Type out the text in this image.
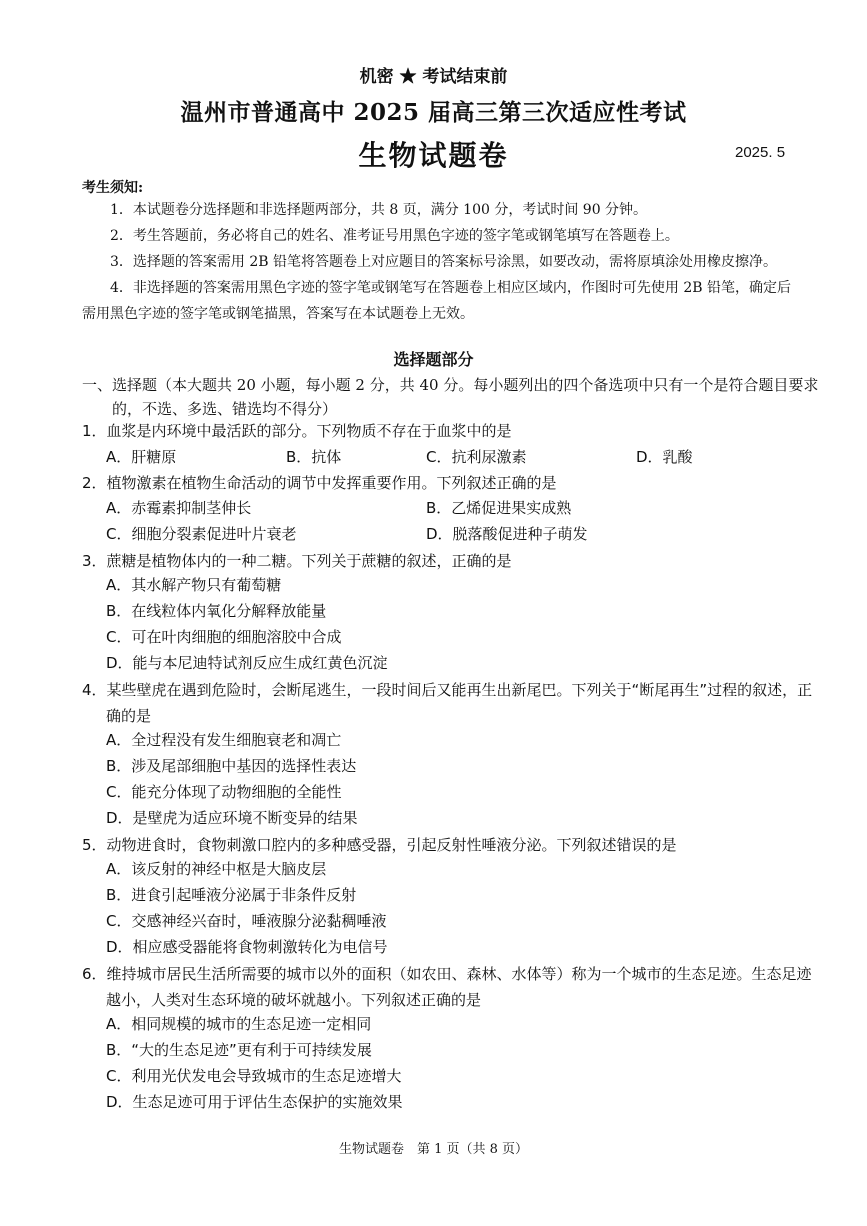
机密 ★ 考试结束前
温州市普通高中 2025 届高三第三次适应性考试
生物试题卷	2025. 5
考生须知:

1．本试题卷分选择题和非选择题两部分，共 8 页，满分 100 分，考试时间 90 分钟。

2．考生答题前，务必将自己的姓名、准考证号用黑色字迹的签字笔或钢笔填写在答题卷上。

3．选择题的答案需用 2B 铅笔将答题卷上对应题目的答案标号涂黑，如要改动，需将原填涂处用橡皮擦净。

4．非选择题的答案需用黑色字迹的签字笔或钢笔写在答题卷上相应区域内，作图时可先使用 2B 铅笔，确定后需用黑色字迹的签字笔或钢笔描黑，答案写在本试题卷上无效。

选择题部分
一、选择题（本大题共 20 小题，每小题 2 分，共 40 分。每小题列出的四个备选项中只有一个是符合题目要求的，不选、多选、错选均不得分）
1．血浆是内环境中最活跃的部分。下列物质不存在于血浆中的是
A．肝糖原	B．抗体	C．抗利尿激素	D．乳酸
2．植物激素在植物生命活动的调节中发挥重要作用。下列叙述正确的是
A．赤霉素抑制茎伸长	B．乙烯促进果实成熟
C．细胞分裂素促进叶片衰老	D．脱落酸促进种子萌发
3．蔗糖是植物体内的一种二糖。下列关于蔗糖的叙述，正确的是
A．其水解产物只有葡萄糖
B．在线粒体内氧化分解释放能量
C．可在叶肉细胞的细胞溶胶中合成
D．能与本尼迪特试剂反应生成红黄色沉淀
4．某些壁虎在遇到危险时，会断尾逃生，一段时间后又能再生出新尾巴。下列关于“断尾再生”过程的叙述，正确的是
A．全过程没有发生细胞衰老和凋亡
B．涉及尾部细胞中基因的选择性表达
C．能充分体现了动物细胞的全能性
D．是壁虎为适应环境不断变异的结果
5．动物进食时，食物刺激口腔内的多种感受器，引起反射性唾液分泌。下列叙述错误的是
A．该反射的神经中枢是大脑皮层
B．进食引起唾液分泌属于非条件反射
C．交感神经兴奋时，唾液腺分泌黏稠唾液
D．相应感受器能将食物刺激转化为电信号
6．维持城市居民生活所需要的城市以外的面积（如农田、森林、水体等）称为一个城市的生态足迹。生态足迹越小，人类对生态环境的破坏就越小。下列叙述正确的是
A．相同规模的城市的生态足迹一定相同
B．“大的生态足迹”更有利于可持续发展
C．利用光伏发电会导致城市的生态足迹增大
D．生态足迹可用于评估生态保护的实施效果
生物试题卷　第 1 页（共 8 页）
